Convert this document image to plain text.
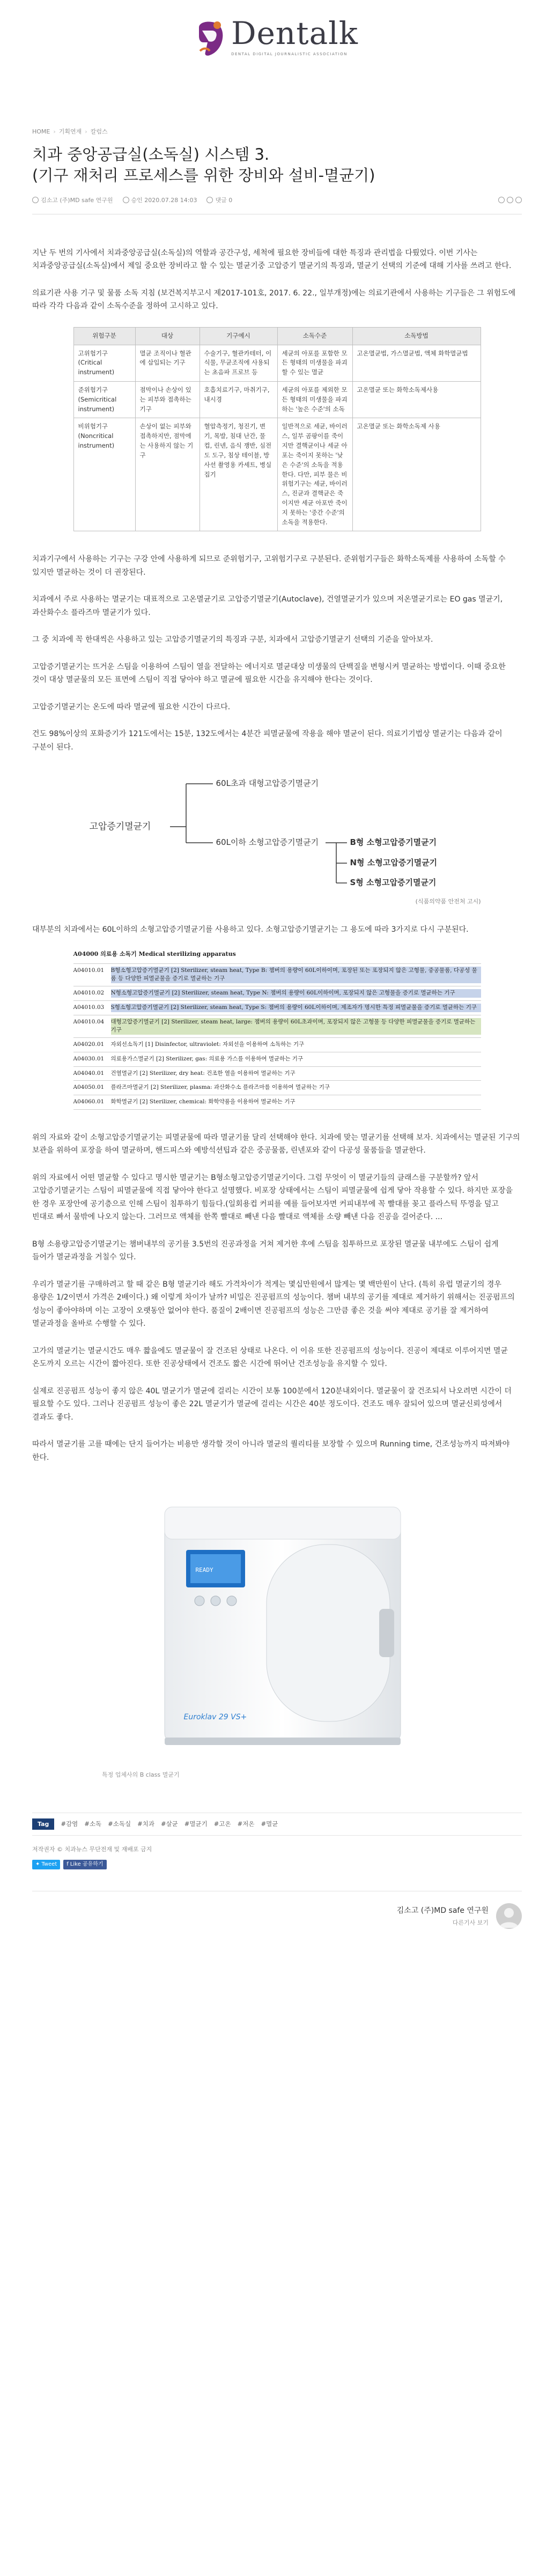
Dentalk
DENTAL DIGITAL JOURNALISTIC ASSOCIATION
HOME › 기획연재 › 칼럼스
치과 중앙공급실(소독실) 시스템 3.
(기구 재처리 프로세스를 위한 장비와 설비-멸균기)
김소고 (주)MD safe 연구원	승인 2020.07.28 14:03	댓글 0

지난 두 번의 기사에서 치과중앙공급실(소독실)의 역할과 공간구성, 세척에 필요한 장비들에 대한 특징과 관리법을 다뤘었다. 이번 기사는 치과중앙공급실(소독실)에서 제일 중요한 장비라고 할 수 있는 멸균기중 고압증기 멸균기의 특징과, 멸균기 선택의 기준에 대해 기사를 쓰려고 한다.

의료기관 사용 기구 및 물품 소독 지침 (보건복지부고시 제2017-101호, 2017. 6. 22., 일부개정)에는 의료기관에서 사용하는 기구들은 그 위험도에 따라 각각 다음과 같이 소독수준을 정하여 고시하고 있다.

위험구분	대상	기구예시	소독수준	소독방법
고위험기구
(Critical instrument)	멸균 조직이나 혈관에 삽입되는 기구	수술기구, 혈관카테터, 이식물, 무균조직에 사용되는 초음파 프로브 등	세균의 아포를 포함한 모든 형태의 미생물을 파괴할 수 있는 멸균	고온멸균법, 가스멸균법, 액체 화학멸균법
준위험기구
(Semicritical instrument)	점막이나 손상이 있는 피부와 접촉하는 기구	호흡치료기구, 마취기구, 내시경	세균의 아포를 제외한 모든 형태의 미생물을 파괴하는 '높은 수준'의 소독	고온멸균 또는 화학소독제사용
비위험기구
(Noncritical instrument)	손상이 없는 피부와 접촉하지만, 점막에는 사용하지 않는 기구	혈압측정기, 청진기, 변기, 목발, 침대 난간, 물컵, 린넨, 음식 쟁반, 심전도 도구, 침상 테이블, 방사선 촬영용 카세트, 병실 집기	일반적으로 세균, 바이러스, 일부 곰팡이를 죽이지만 결핵균이나 세균 아포는 죽이지 못하는 '낮은 수준'의 소독을 적용한다. 다만, 피부 물은 비위험기구는 세균, 바이러스, 진균과 결핵균은 죽이지만 세균 아포만 죽이지 못하는 '중간 수준'의 소독을 적용한다.	고온멸균 또는 화학소독제 사용

치과기구에서 사용하는 기구는 구강 안에 사용하게 되므로 준위험기구, 고위험기구로 구분된다. 준위험기구들은 화학소독제를 사용하여 소독할 수 있지만 멸균하는 것이 더 권장된다.

치과에서 주로 사용하는 멸균기는 대표적으로 고온멸균기로 고압증기멸균기(Autoclave), 건열멸균기가 있으며 저온멸균기로는 EO gas 멸균기, 과산화수소 플라즈마 멸균기가 있다.

그 중 치과에 꼭 한대씩은 사용하고 있는 고압증기멸균기의 특징과 구분, 치과에서 고압증기멸균기 선택의 기준을 알아보자.

고압증기멸균기는 뜨거운 스팀을 이용하여 스팀이 열을 전달하는 에너지로 멸균대상 미생물의 단백질을 변형시켜 멸균하는 방법이다. 이때 중요한 것이 대상 멸균물의 모든 표면에 스팀이 직접 닿아야 하고 멸균에 필요한 시간을 유지해야 한다는 것이다.

고압증기멸균기는 온도에 따라 멸균에 필요한 시간이 다르다.

건도 98%이상의 포화증기가 121도에서는 15분, 132도에서는 4분간 피멸균물에 작용을 해야 멸균이 된다. 의료기기법상 멸균기는 다음과 같이 구분이 된다.

고압증기멸균기
60L초과 대형고압증기멸균기
60L이하 소형고압증기멸균기	B형 소형고압증기멸균기
N형 소형고압증기멸균기
S형 소형고압증기멸균기
(식품의약품 안전처 고시)

대부분의 치과에서는 60L이하의 소형고압증기멸균기를 사용하고 있다. 소형고압증기멸균기는 그 용도에 따라 3가지로 다시 구분된다.

A04000 의료용 소독기 Medical sterilizing apparatus
A04010.01	B형소형고압증기멸균기 [2] Sterilizer, steam heat, Type B: 챔버의 용량이 60L이하이며, 포장된 또는 포장되지 않은 고형물, 중공물품, 다공성 물품 등 다양한 피멸균물을 증기로 멸균하는 기구
A04010.02	N형소형고압증기멸균기 [2] Sterilizer, steam heat, Type N: 챔버의 용량이 60L이하이며, 포장되지 않은 고형물을 증기로 멸균하는 기구
A04010.03	S형소형고압증기멸균기 [2] Sterilizer, steam heat, Type S: 챔버의 용량이 60L이하이며, 제조자가 명시한 특정 피멸균물을 증기로 멸균하는 기구
A04010.04	대형고압증기멸균기 [2] Sterilizer, steam heat, large: 챔버의 용량이 60L초과이며, 포장되지 않은 고형물 등 다양한 피멸균물을 증기로 멸균하는 기구
A04020.01	자외선소독기 [1] Disinfector, ultraviolet: 자외선을 이용하여 소독하는 기구
A04030.01	의료용가스멸균기 [2] Sterilizer, gas: 의료용 가스를 이용하여 멸균하는 기구
A04040.01	건열멸균기 [2] Sterilizer, dry heat: 건조한 열을 이용하여 멸균하는 기구
A04050.01	플라즈마멸균기 [2] Sterilizer, plasma: 과산화수소 플라즈마를 이용하여 멸균하는 기구
A04060.01	화학멸균기 [2] Sterilizer, chemical: 화학약품을 이용하여 멸균하는 기구

위의 자료와 같이 소형고압증기멸균기는 피멸균물에 따라 멸균기를 달리 선택해야 한다. 치과에 맞는 멸균기를 선택해 보자. 치과에서는 멸균된 기구의 보관을 위하여 포장을 하여 멸균하며, 핸드피스와 예방석션팁과 같은 중공물품, 린넨포와 같이 다공성 물품들을 멸균한다.

위의 자료에서 어떤 멸균할 수 있다고 명시한 멸균기는 B형소형고압증기멸균기이다. 그럼 무엇이 이 멸균기들의 클래스를 구분할까? 앞서 고압증기멸균기는 스팀이 피멸균물에 직접 닿아야 한다고 설명했다. 비포장 상태에서는 스팀이 피멸균물에 쉽게 닿아 작용할 수 있다. 하지만 포장을 한 경우 포장안에 공기층으로 인해 스팀이 침투하기 힘들다.(일회용컵 커피를 예를 들어보자면 커피내부에 꼭 빨대를 꽂고 플라스틱 뚜껑을 덮고 빈대로 빠서 물밖에 나오지 않는다. 그러므로 액체를 한쪽 빨대로 빼낸 다음 빨대로 액체를 소량 빼낸 다음 진공을 걸어준다. ...

B형 소용량고압증기멸균기는 챔버내부의 공기를 3.5번의 진공과정을 거쳐 제거한 후에 스팀을 침투하므로 포장된 멸균물 내부에도 스팀이 쉽게 들어가 멸균과정을 거칠수 있다.

우리가 멸균기를 구매하려고 할 때 같은 B형 멸균기라 해도 가격차이가 적게는 몇십만원에서 많게는 몇 백만원이 난다. (특히 유럽 멸균기의 경우 용량은 1/2이면서 가격은 2배이다.) 왜 이렇게 차이가 날까? 비밀은 진공펌프의 성능이다. 챔버 내부의 공기를 제대로 제거하기 위해서는 진공펌프의 성능이 좋아야하며 이는 고장이 오랫동안 없어야 한다. 품질이 2배이면 진공펌프의 성능은 그만큼 좋은 것을 써야 제대로 공기를 잘 제거하여 멸균과정을 올바로 수행할 수 있다.

고가의 멸균기는 멸균시간도 매우 짧을에도 멸균물이 잘 건조된 상태로 나온다. 이 이유 또한 진공펌프의 성능이다. 진공이 제대로 이루어지면 멸균 온도까지 오르는 시간이 짧아진다. 또한 진공상태에서 건조도 짧은 시간에 뛰어난 건조성능을 유지할 수 있다.

실제로 진공펌프 성능이 좋지 않은 40L 멸균기가 멸균에 걸리는 시간이 보통 100분에서 120분내외이다. 멸균물이 잘 건조되서 나오려면 시간이 더 필요할 수도 있다. 그러나 진공펌프 성능이 좋은 22L 멸균기가 멸균에 걸리는 시간은 40분 정도이다. 건조도 매우 잘되어 있으며 멸균신뢰성에서 결과도 좋다.

따라서 멸균기를 고를 때에는 단지 들어가는 비용만 생각할 것이 아니라 멸균의 퀄리티를 보장할 수 있으며 Running time, 건조성능까지 따져봐야 한다.

READY
Euroklav 29 VS+
특정 업체사의 B class 멸균기
Tag	#감염 #소독 #소독실 #치과 #살균 #멸균기 #고온 #저온 #멸균
저작권자 © 치과뉴스 무단전재 및 재배포 금지
✦ Tweet f Like 공유하기
김소고 (주)MD safe 연구원
다른기사 보기
